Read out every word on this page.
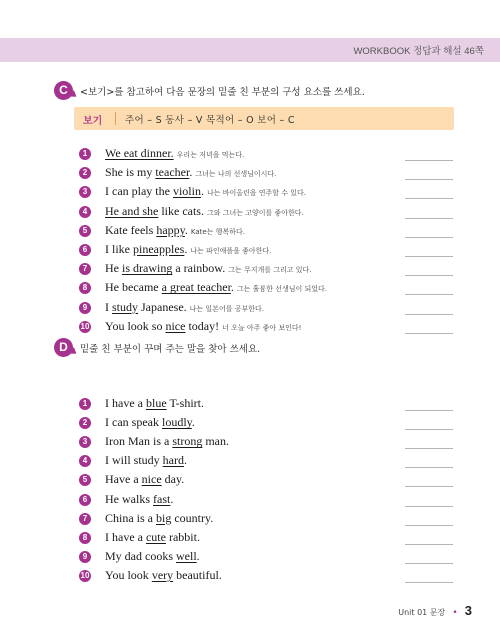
WORKBOOK 정답과 해설 46쪽
C	<보기>를 참고하여 다음 문장의 밑줄 친 부분의 구성 요소를 쓰세요.
보기 주어 – S 동사 – V 목적어 – O 보어 – C
1	We eat dinner. 우리는 저녁을 먹는다.
2	She is my teacher. 그녀는 나의 선생님이시다.
3	I can play the violin. 나는 바이올린을 연주할 수 있다.
4	He and she like cats. 그와 그녀는 고양이를 좋아한다.
5	Kate feels happy. Kate는 행복하다.
6	I like pineapples. 나는 파인애플을 좋아한다.
7	He is drawing a rainbow. 그는 무지개를 그리고 있다.
8	He became a great teacher. 그는 훌륭한 선생님이 되었다.
9	I study Japanese. 나는 일본어를 공부한다.
10 You look so nice today! 너 오늘 아주 좋아 보인다!
D	밑줄 친 부분이 꾸며 주는 말을 찾아 쓰세요.
1	I have a blue T-shirt.
2	I can speak loudly.
3	Iron Man is a strong man.
4	I will study hard.
5	Have a nice day.
6	He walks fast.
7	China is a big country.
8	I have a cute rabbit.
9	My dad cooks well.
10 You look very beautiful.
Unit 01 문장 • 3
